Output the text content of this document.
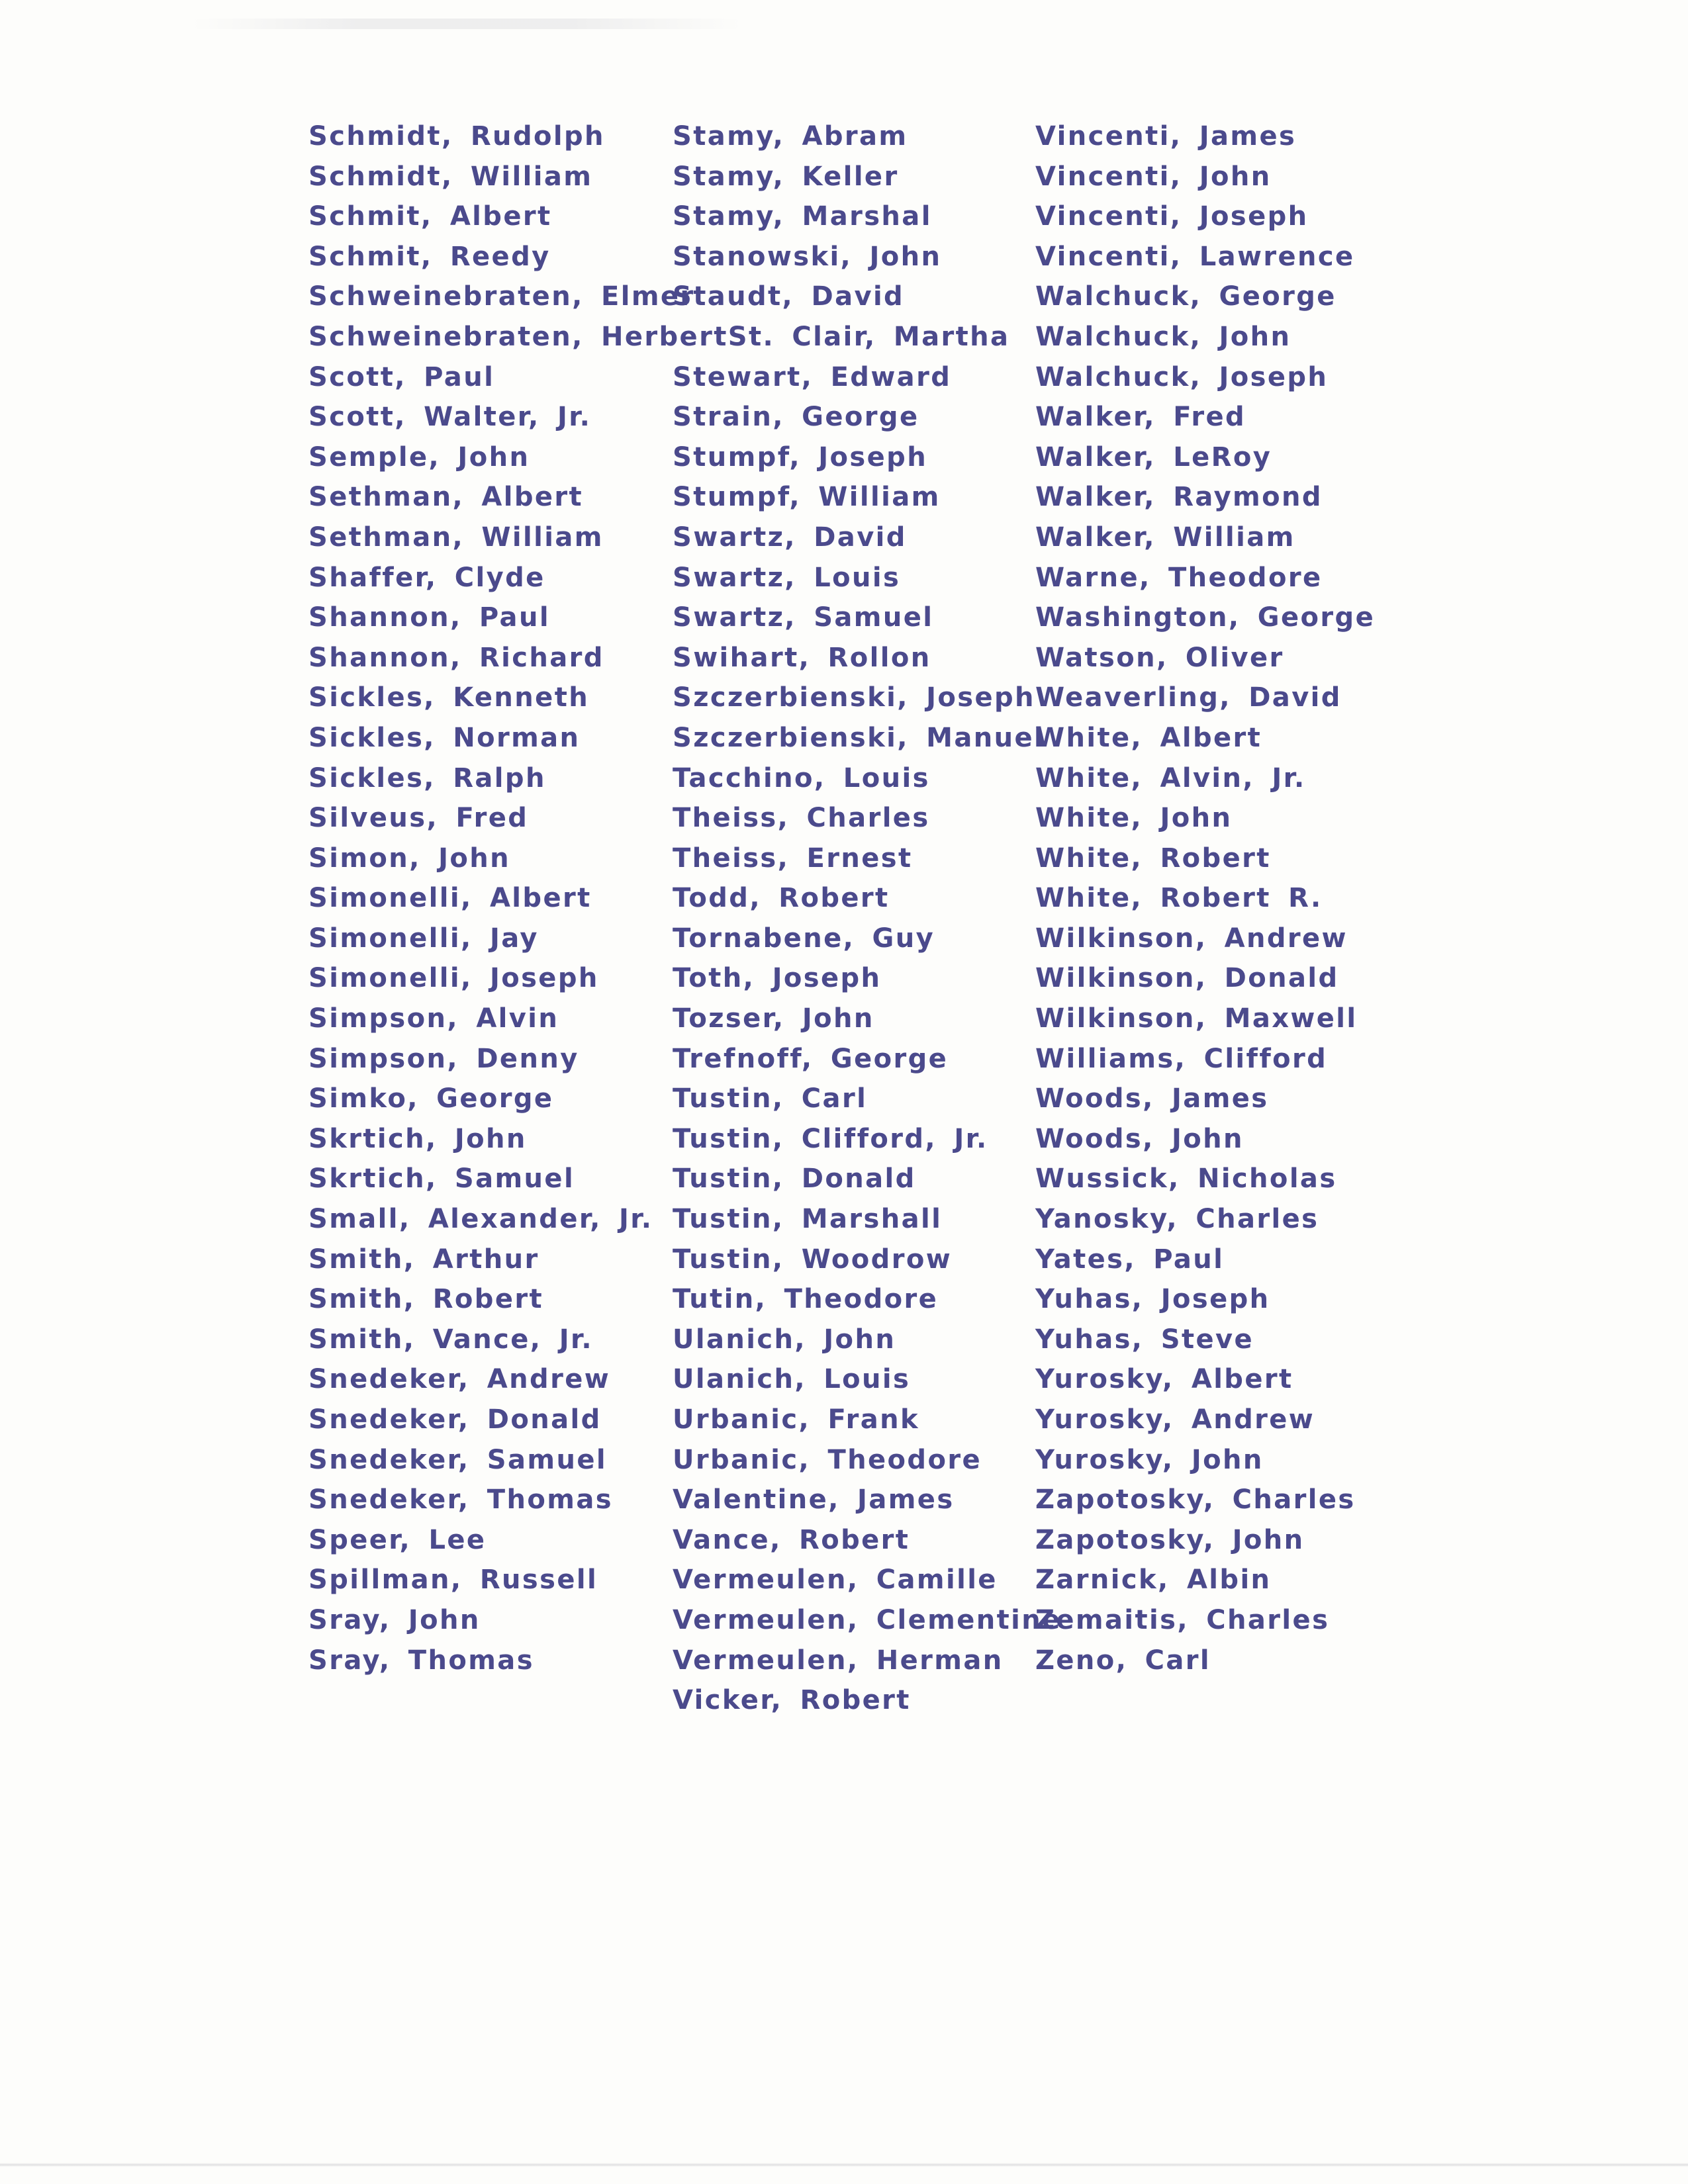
Schmidt, Rudolph
Schmidt, William
Schmit, Albert
Schmit, Reedy
Schweinebraten, Elmer
Schweinebraten, HerbertSt. Clair, Martha
Scott, Paul
Scott, Walter, Jr.
Semple, John
Sethman, Albert
Sethman, William
Shaffer, Clyde
Shannon, Paul
Shannon, Richard
Sickles, Kenneth
Sickles, Norman
Sickles, Ralph
Silveus, Fred
Simon, John
Simonelli, Albert
Simonelli, Jay
Simonelli, Joseph
Simpson, Alvin
Simpson, Denny
Simko, George
Skrtich, John
Skrtich, Samuel
Small, Alexander, Jr.
Smith, Arthur
Smith, Robert
Smith, Vance, Jr.
Snedeker, Andrew
Snedeker, Donald
Snedeker, Samuel
Snedeker, Thomas
Speer, Lee
Spillman, Russell
Sray, John
Sray, Thomas
Stamy, Abram
Stamy, Keller
Stamy, Marshal
Stanowski, John
Staudt, David
Stewart, Edward
Strain, George
Stumpf, Joseph
Stumpf, William
Swartz, David
Swartz, Louis
Swartz, Samuel
Swihart, Rollon
Szczerbienski, Joseph
Szczerbienski, Manuel
Tacchino, Louis
Theiss, Charles
Theiss, Ernest
Todd, Robert
Tornabene, Guy
Toth, Joseph
Tozser, John
Trefnoff, George
Tustin, Carl
Tustin, Clifford, Jr.
Tustin, Donald
Tustin, Marshall
Tustin, Woodrow
Tutin, Theodore
Ulanich, John
Ulanich, Louis
Urbanic, Frank
Urbanic, Theodore
Valentine, James
Vance, Robert
Vermeulen, Camille
Vermeulen, Clementine
Vermeulen, Herman
Vicker, Robert
Vincenti, James
Vincenti, John
Vincenti, Joseph
Vincenti, Lawrence
Walchuck, George
Walchuck, John
Walchuck, Joseph
Walker, Fred
Walker, LeRoy
Walker, Raymond
Walker, William
Warne, Theodore
Washington, George
Watson, Oliver
Weaverling, David
White, Albert
White, Alvin, Jr.
White, John
White, Robert
White, Robert R.
Wilkinson, Andrew
Wilkinson, Donald
Wilkinson, Maxwell
Williams, Clifford
Woods, James
Woods, John
Wussick, Nicholas
Yanosky, Charles
Yates, Paul
Yuhas, Joseph
Yuhas, Steve
Yurosky, Albert
Yurosky, Andrew
Yurosky, John
Zapotosky, Charles
Zapotosky, John
Zarnick, Albin
Zemaitis, Charles
Zeno, Carl
